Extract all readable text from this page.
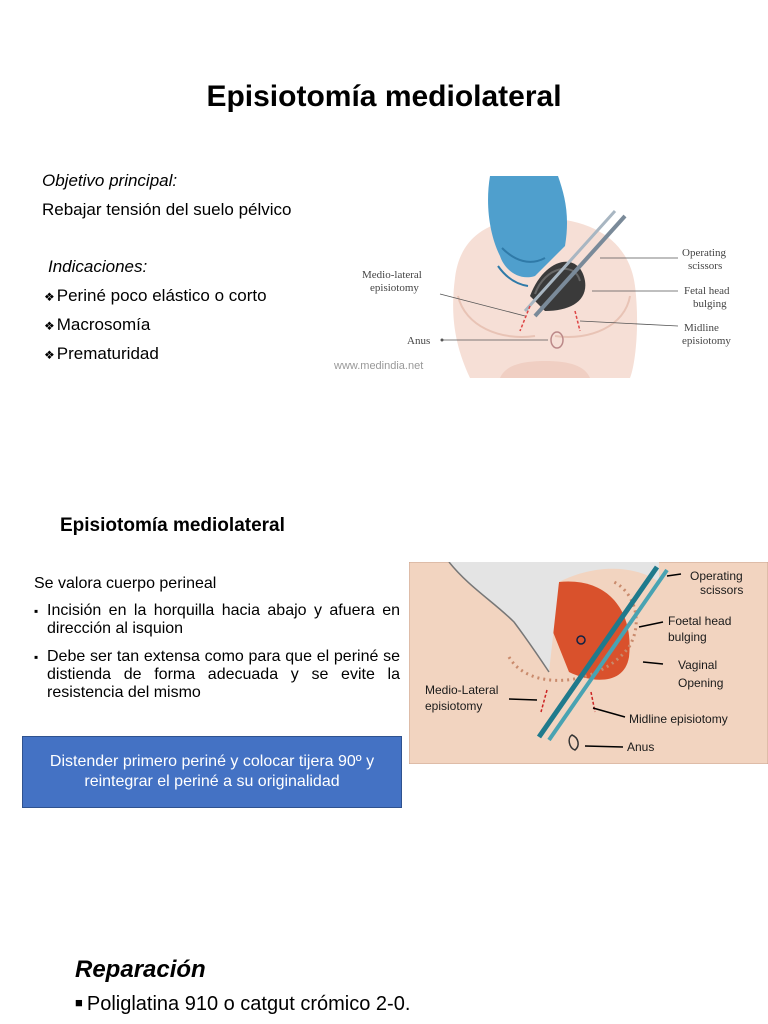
Episiotomía mediolateral
Objetivo principal:
Rebajar tensión del suelo pélvico
Indicaciones:
❖ Periné poco elástico o corto
❖ Macrosomía
❖ Prematuridad
Operating
scissors
Fetal head
bulging
Midline
episiotomy
Medio-lateral
episiotomy
Anus
www.medindia.net
Episiotomía mediolateral
Se valora cuerpo perineal
▪ Incisión en la horquilla hacia abajo y afuera en dirección al isquion
▪ Debe ser tan extensa como para que el periné se distienda de forma adecuada y se evite la resistencia del mismo
Distender primero periné y colocar tijera 90º y reintegrar el periné a su originalidad
Operating
scissors
Foetal head
bulging
Vaginal
Opening
Medio-Lateral
episiotomy
Midline episiotomy
Anus
Reparación
■ Poliglatina 910 o catgut crómico 2-0.
